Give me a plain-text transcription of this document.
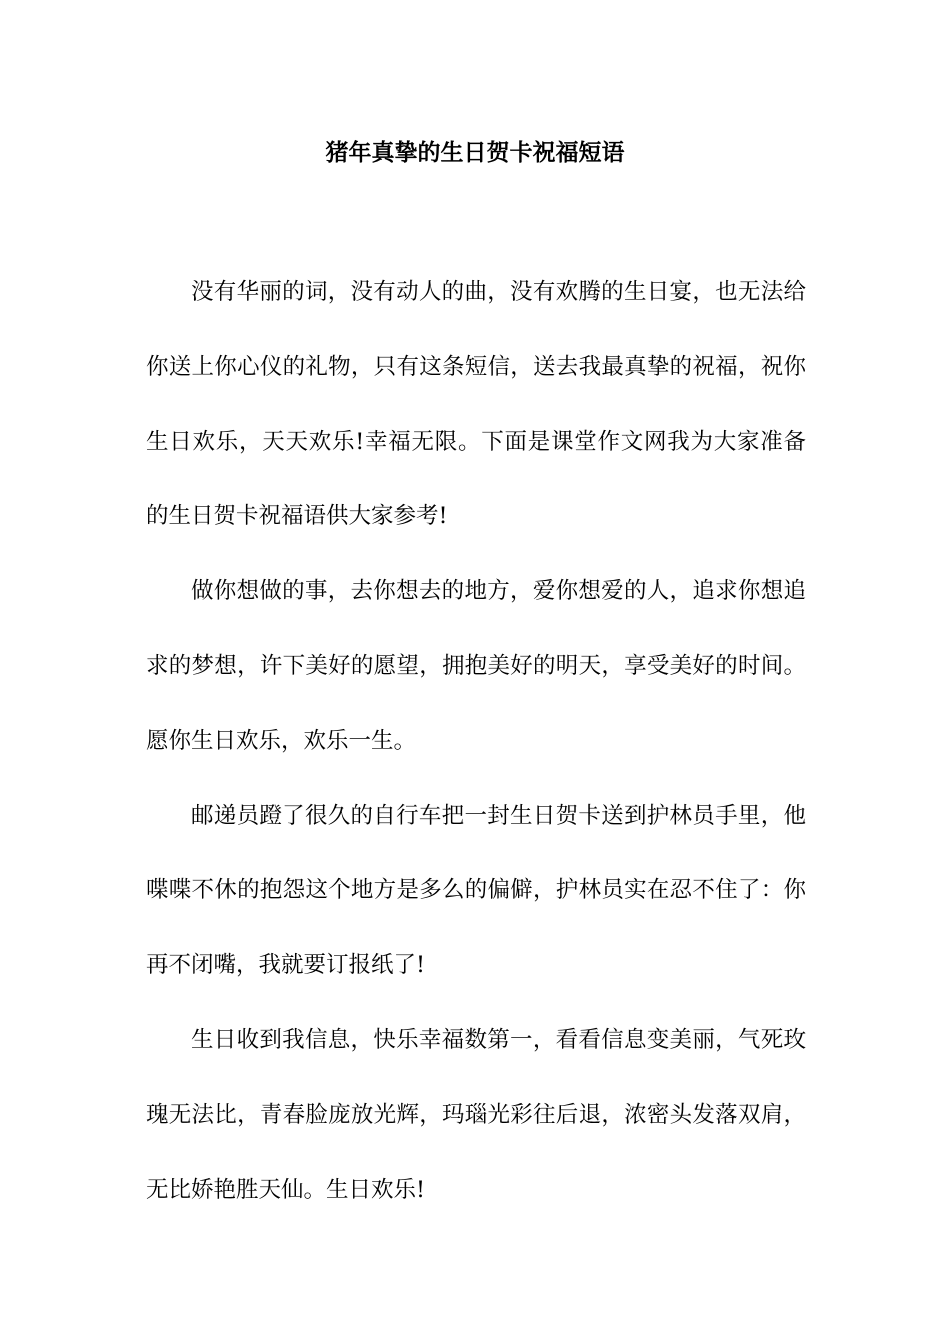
猪年真挚的生日贺卡祝福短语

没有华丽的词，没有动人的曲，没有欢腾的生日宴，也无法给你送上你心仪的礼物，只有这条短信，送去我最真挚的祝福，祝你生日欢乐，天天欢乐!幸福无限。下面是课堂作文网我为大家准备的生日贺卡祝福语供大家参考!

做你想做的事，去你想去的地方，爱你想爱的人，追求你想追求的梦想，许下美好的愿望，拥抱美好的明天，享受美好的时间。愿你生日欢乐，欢乐一生。

邮递员蹬了很久的自行车把一封生日贺卡送到护林员手里，他喋喋不休的抱怨这个地方是多么的偏僻，护林员实在忍不住了：你再不闭嘴，我就要订报纸了!

生日收到我信息，快乐幸福数第一，看看信息变美丽，气死玫瑰无法比，青春脸庞放光辉，玛瑙光彩往后退，浓密头发落双肩，无比娇艳胜天仙。生日欢乐!
